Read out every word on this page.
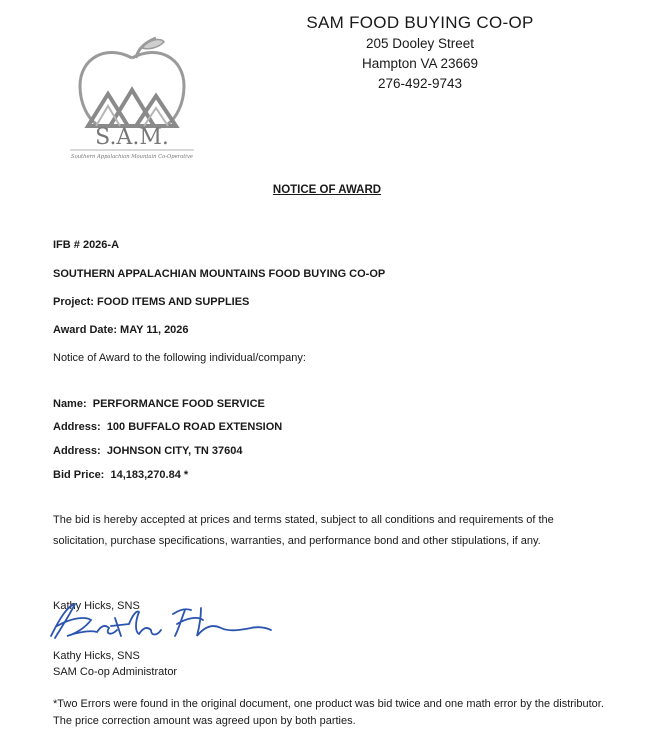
S.A.M.
Southern Appalachian Mountain Co-Operative
SAM FOOD BUYING CO-OP
205 Dooley Street
Hampton VA 23669
276-492-9743
NOTICE OF AWARD
IFB # 2026-A
SOUTHERN APPALACHIAN MOUNTAINS FOOD BUYING CO-OP
Project: FOOD ITEMS AND SUPPLIES
Award Date: MAY 11, 2026
Notice of Award to the following individual/company:
Name: PERFORMANCE FOOD SERVICE
Address: 100 BUFFALO ROAD EXTENSION
Address: JOHNSON CITY, TN 37604
Bid Price: 14,183,270.84 *
The bid is hereby accepted at prices and terms stated, subject to all conditions and requirements of the solicitation, purchase specifications, warranties, and performance bond and other stipulations, if any.
Kathy Hicks, SNS
Kathy Hicks, SNS
SAM Co-op Administrator
*Two Errors were found in the original document, one product was bid twice and one math error by the distributor. The price correction amount was agreed upon by both parties.
